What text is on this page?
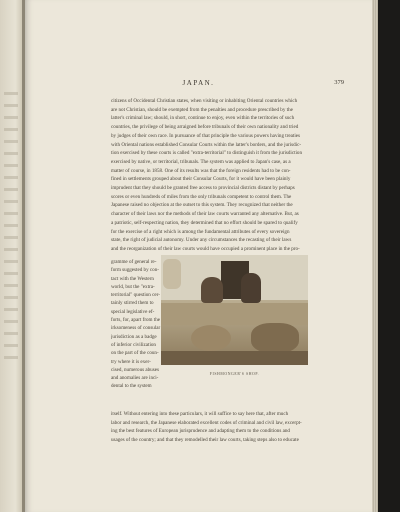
JAPAN.	379
citizens of Occidental Christian states, when visiting or inhabiting Oriental countries which
are not Christian, should be exempted from the penalties and procedure prescribed by the
latter's criminal law; should, in short, continue to enjoy, even within the territories of such
countries, the privilege of being arraigned before tribunals of their own nationality and tried
by judges of their own race. In pursuance of that principle the various powers having treaties
with Oriental nations established Consular Courts within the latter's borders, and the jurisdic-
tion exercised by these courts is called "extra-territorial" to distinguish it from the jurisdiction
exercised by native, or territorial, tribunals. The system was applied to Japan's case, as a
matter of course, in 1858. One of its results was that the foreign residents had to be con-
fined in settlements grouped about their Consular Courts, for it would have been plainly
imprudent that they should be granted free access to provincial districts distant by perhaps
scores or even hundreds of miles from the only tribunals competent to control them. The
Japanese raised no objection at the outset to this system. They recognized that neither the
character of their laws nor the methods of their law courts warranted any alternative. But, as
a patriotic, self-respecting nation, they determined that no effort should be spared to qualify
for the exercise of a right which is among the fundamental attributes of every sovereign
state, the right of judicial autonomy. Under any circumstances the recasting of their laws
and the reorganization of their law courts would have occupied a prominent place in the pro-
gramme of general re-
form suggested by con-
tact with the Western
world, but the "extra-
territorial" question cer-
tainly stirred them to
special legislative ef-
forts, for, apart from the
irksomeness of consular
jurisdiction as a badge
of inferior civilization
on the part of the coun-
try where it is exer-
cised, numerous abuses
and anomalies are inci-
dental to the system
FISHMONGER'S SHOP.
itself. Without entering into these particulars, it will suffice to say here that, after much
labor and research, the Japanese elaborated excellent codes of criminal and civil law, excerpt-
ing the best features of European jurisprudence and adapting them to the conditions and
usages of the country; and that they remodelled their law courts, taking steps also to educate
